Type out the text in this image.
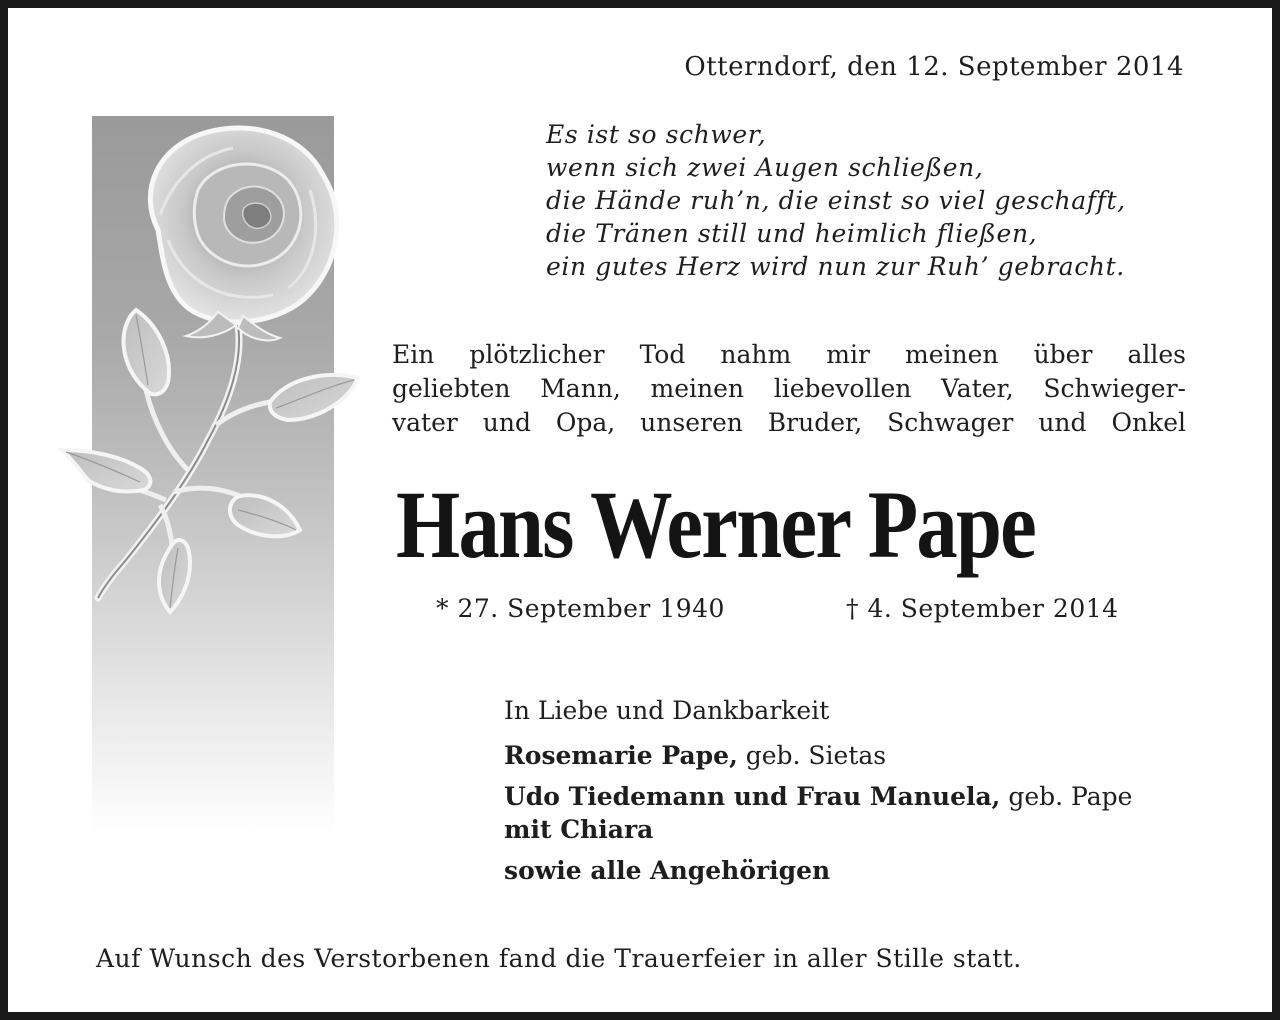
Otterndorf, den 12. September 2014
Es ist so schwer,
wenn sich zwei Augen schließen,
die Hände ruh’n, die einst so viel geschafft,
die Tränen still und heimlich fließen,
ein gutes Herz wird nun zur Ruh’ gebracht.
Ein plötzlicher Tod nahm mir meinen über alles
geliebten Mann, meinen liebevollen Vater, Schwieger-
vater und Opa, unseren Bruder, Schwager und Onkel
Hans Werner Pape
* 27. September 1940	† 4. September 2014
In Liebe und Dankbarkeit
Rosemarie Pape, geb. Sietas
Udo Tiedemann und Frau Manuela, geb. Pape
mit Chiara
sowie alle Angehörigen
Auf Wunsch des Verstorbenen fand die Trauerfeier in aller Stille statt.
